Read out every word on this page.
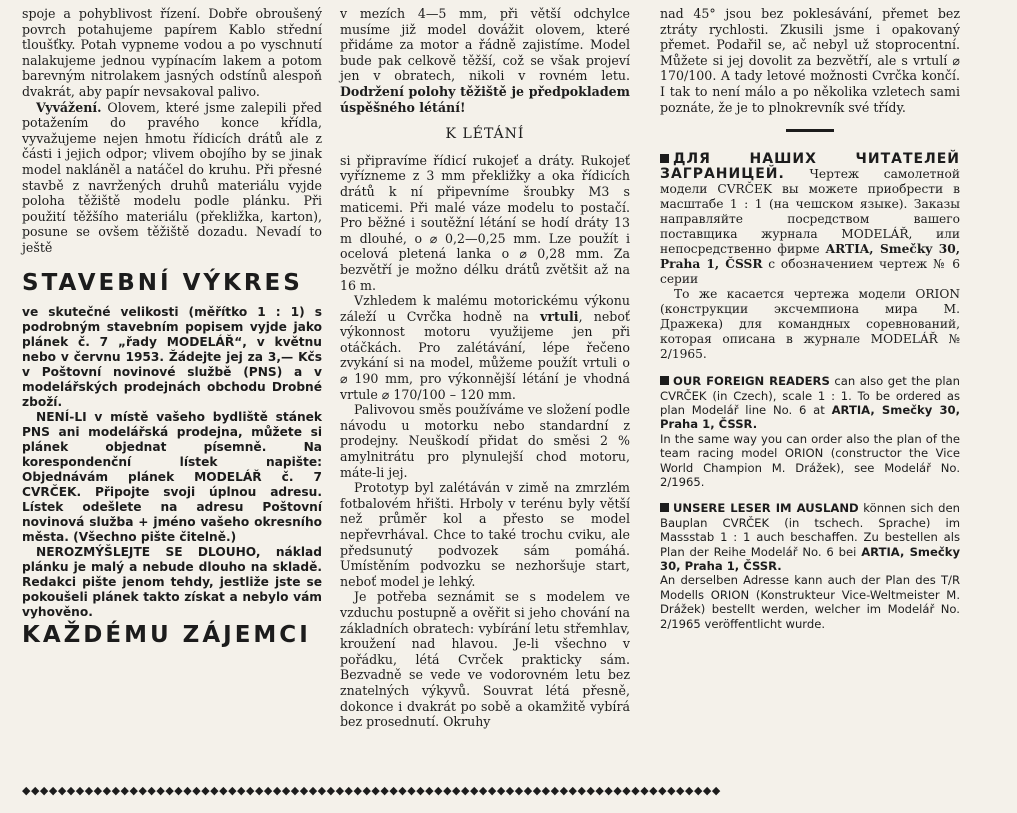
spoje a pohyblivost řízení. Dobře obroušený povrch potahujeme papírem Kablo střední tloušťky. Potah vypneme vodou a po vyschnutí nalakujeme jednou vypínacím lakem a potom barevným nitrolakem jasných odstínů alespoň dvakrát, aby papír nevsakoval palivo.

Vyvážení. Olovem, které jsme zalepili před potažením do pravého konce křídla, vyvažujeme nejen hmotu řídicích drátů ale z části i jejich odpor; vlivem obojího by se jinak model nakláněl a natáčel do kruhu. Při přesné stavbě z navržených druhů materiálu vyjde poloha těžiště modelu podle plánku. Při použití těžšího materiálu (překližka, karton), posune se ovšem těžiště dozadu. Nevadí to ještě

STAVEBNÍ VÝKRES

ve skutečné velikosti (měřítko 1 : 1) s podrobným stavebním popisem vyjde jako plánek č. 7 „řady MODELÁŘ“, v květnu nebo v červnu 1953. Žádejte jej za 3,— Kčs v Poštovní novinové službě (PNS) a v modelářských prodejnách obchodu Drobné zboží.

NENÍ-LI v místě vašeho bydliště stánek PNS ani modelářská prodejna, můžete si plánek objednat písemně. Na korespondenční lístek napište: Objednávám plánek MODELÁŘ č. 7 CVRČEK. Připojte svoji úplnou adresu. Lístek odešlete na adresu Poštovní novinová služba + jméno vašeho okresního města. (Všechno pište čitelně.)

NEROZMÝŠLEJTE SE DLOUHO, náklad plánku je malý a nebude dlouho na skladě. Redakci pište jenom tehdy, jestliže jste se pokoušeli plánek takto získat a nebylo vám vyhověno.

KAŽDÉMU ZÁJEMCI

v mezích 4—5 mm, při větší odchylce musíme již model dovážit olovem, které přidáme za motor a řádně zajistíme. Model bude pak celkově těžší, což se však projeví jen v obratech, nikoli v rovném letu. Dodržení polohy těžiště je předpokladem úspěšného létání!

K LÉTÁNÍ

si připravíme řídicí rukojeť a dráty. Rukojeť vyřízneme z 3 mm překližky a oka řídicích drátů k ní připevníme šroubky M3 s maticemi. Při malé váze modelu to postačí. Pro běžné i soutěžní létání se hodí dráty 13 m dlouhé, o ⌀ 0,2—0,25 mm. Lze použít i ocelová pletená lanka o ⌀ 0,28 mm. Za bezvětří je možno délku drátů zvětšit až na 16 m.

Vzhledem k malému motorickému výkonu záleží u Cvrčka hodně na vrtuli, neboť výkonnost motoru využijeme jen při otáčkách. Pro zalétávání, lépe řečeno zvykání si na model, můžeme použít vrtuli o ⌀ 190 mm, pro výkonnější létání je vhodná vrtule ⌀ 170/100 – 120 mm.

Palivovou směs používáme ve složení podle návodu u motorku nebo standardní z prodejny. Neuškodí přidat do směsi 2 % amylnitrátu pro plynulejší chod motoru, máte-li jej.

Prototyp byl zalétáván v zimě na zmrzlém fotbalovém hřišti. Hrboly v terénu byly větší než průměr kol a přesto se model nepřevrhával. Chce to také trochu cviku, ale předsunutý podvozek sám pomáhá. Umístěním podvozku se nezhoršuje start, neboť model je lehký.

Je potřeba seznámit se s modelem ve vzduchu postupně a ověřit si jeho chování na základních obratech: vybírání letu střemhlav, kroužení nad hlavou. Je-li všechno v pořádku, létá Cvrček prakticky sám. Bezvadně se vede ve vodorovném letu bez znatelných výkyvů. Souvrat létá přesně, dokonce i dvakrát po sobě a okamžitě vybírá bez prosednutí. Okruhy

nad 45° jsou bez poklesávání, přemet bez ztráty rychlosti. Zkusili jsme i opakovaný přemet. Podařil se, ač nebyl už stoprocentní. Můžete si jej dovolit za bezvětří, ale s vrtulí ⌀ 170/100. A tady letové možnosti Cvrčka končí. I tak to není málo a po několika vzletech sami poznáte, že je to plnokrevník své třídy.

ДЛЯ НАШИХ ЧИТАТЕЛЕЙ ЗАГРАНИЦЕЙ. Чертеж самолетной модели CVRČEK вы можете приобрести в масштабе 1 : 1 (на чешском языке). Заказы направляйте посредством вашего поставщика журнала MODELÁŘ, или непосредственно фирме ARTIA, Smečky 30, Praha 1, ČSSR с обозначением чертеж № 6 серии

То же касается чертежа модели ORION (конструкции эксчемпиона мира М. Дражека) для командных соревнований, которая описана в журнале MODELÁŘ № 2/1965.

OUR FOREIGN READERS can also get the plan CVRČEK (in Czech), scale 1 : 1. To be ordered as plan Modelář line No. 6 at ARTIA, Smečky 30, Praha 1, ČSSR.

In the same way you can order also the plan of the team racing model ORION (constructor the Vice World Champion M. Drážek), see Modelář No. 2/1965.

UNSERE LESER IM AUSLAND können sich den Bauplan CVRČEK (in tschech. Sprache) im Massstab 1 : 1 auch beschaffen. Zu bestellen als Plan der Reihe Modelář No. 6 bei ARTIA, Smečky 30, Praha 1, ČSSR.

An derselben Adresse kann auch der Plan des T/R Modells ORION (Konstrukteur Vice-Weltmeister M. Drážek) bestellt werden, welcher im Modelář No. 2/1965 veröffentlicht wurde.

◆◆◆◆◆◆◆◆◆◆◆◆◆◆◆◆◆◆◆◆◆◆◆◆◆◆◆◆◆◆◆◆◆◆◆◆◆◆◆◆◆◆◆◆◆◆◆◆◆◆◆◆◆◆◆◆◆◆◆◆◆◆◆◆◆◆◆◆◆◆◆◆◆◆◆◆◆◆
